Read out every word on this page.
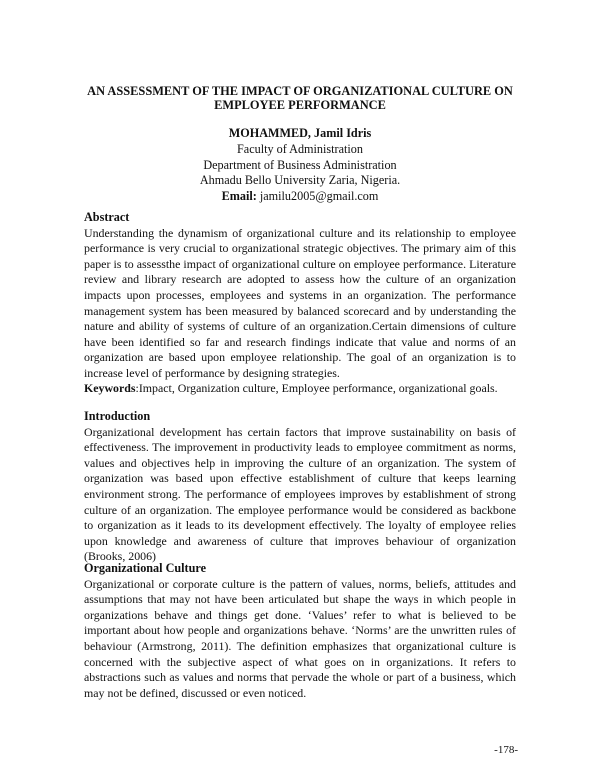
AN ASSESSMENT OF THE IMPACT OF ORGANIZATIONAL CULTURE ON EMPLOYEE PERFORMANCE
MOHAMMED, Jamil Idris
Faculty of Administration
Department of Business Administration
Ahmadu Bello University Zaria, Nigeria.
Email: jamilu2005@gmail.com
Abstract

Understanding the dynamism of organizational culture and its relationship to employee performance is very crucial to organizational strategic objectives. The primary aim of this paper is to assessthe impact of organizational culture on employee performance. Literature review and library research are adopted to assess how the culture of an organization impacts upon processes, employees and systems in an organization. The performance management system has been measured by balanced scorecard and by understanding the nature and ability of systems of culture of an organization.Certain dimensions of culture have been identified so far and research findings indicate that value and norms of an organization are based upon employee relationship. The goal of an organization is to increase level of performance by designing strategies.

Keywords:Impact, Organization culture, Employee performance, organizational goals.
Introduction

Organizational development has certain factors that improve sustainability on basis of effectiveness. The improvement in productivity leads to employee commitment as norms, values and objectives help in improving the culture of an organization. The system of organization was based upon effective establishment of culture that keeps learning environment strong. The performance of employees improves by establishment of strong culture of an organization. The employee performance would be considered as backbone to organization as it leads to its development effectively. The loyalty of employee relies upon knowledge and awareness of culture that improves behaviour of organization (Brooks, 2006)

Organizational Culture

Organizational or corporate culture is the pattern of values, norms, beliefs, attitudes and assumptions that may not have been articulated but shape the ways in which people in organizations behave and things get done. ‘Values’ refer to what is believed to be important about how people and organizations behave. ‘Norms’ are the unwritten rules of behaviour (Armstrong, 2011). The definition emphasizes that organizational culture is concerned with the subjective aspect of what goes on in organizations. It refers to abstractions such as values and norms that pervade the whole or part of a business, which may not be defined, discussed or even noticed.

-178-
